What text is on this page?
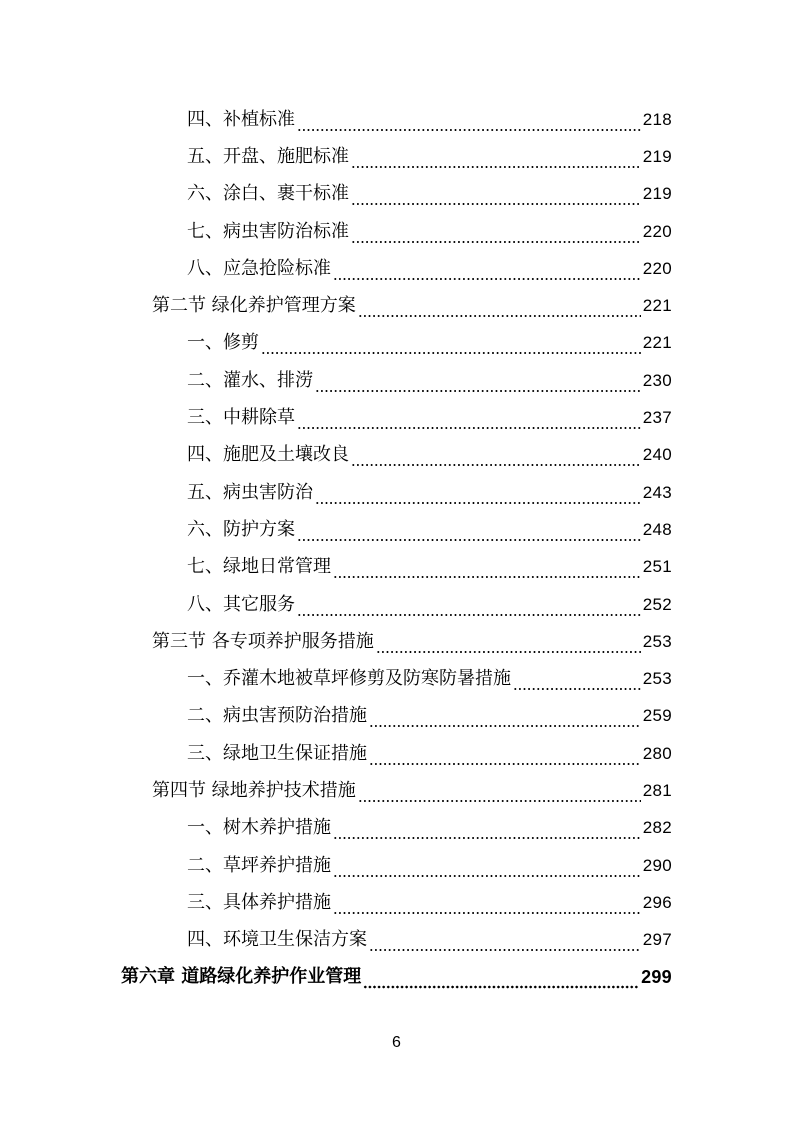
四、补植标准	218
五、开盘、施肥标准	219
六、涂白、裹干标准	219
七、病虫害防治标准	220
八、应急抢险标准	220
第二节 绿化养护管理方案	221
一、修剪	221
二、灌水、排涝	230
三、中耕除草	237
四、施肥及土壤改良	240
五、病虫害防治	243
六、防护方案	248
七、绿地日常管理	251
八、其它服务	252
第三节 各专项养护服务措施	253
一、乔灌木地被草坪修剪及防寒防暑措施	253
二、病虫害预防治措施	259
三、绿地卫生保证措施	280
第四节 绿地养护技术措施	281
一、树木养护措施	282
二、草坪养护措施	290
三、具体养护措施	296
四、环境卫生保洁方案	297
第六章 道路绿化养护作业管理	299
6
